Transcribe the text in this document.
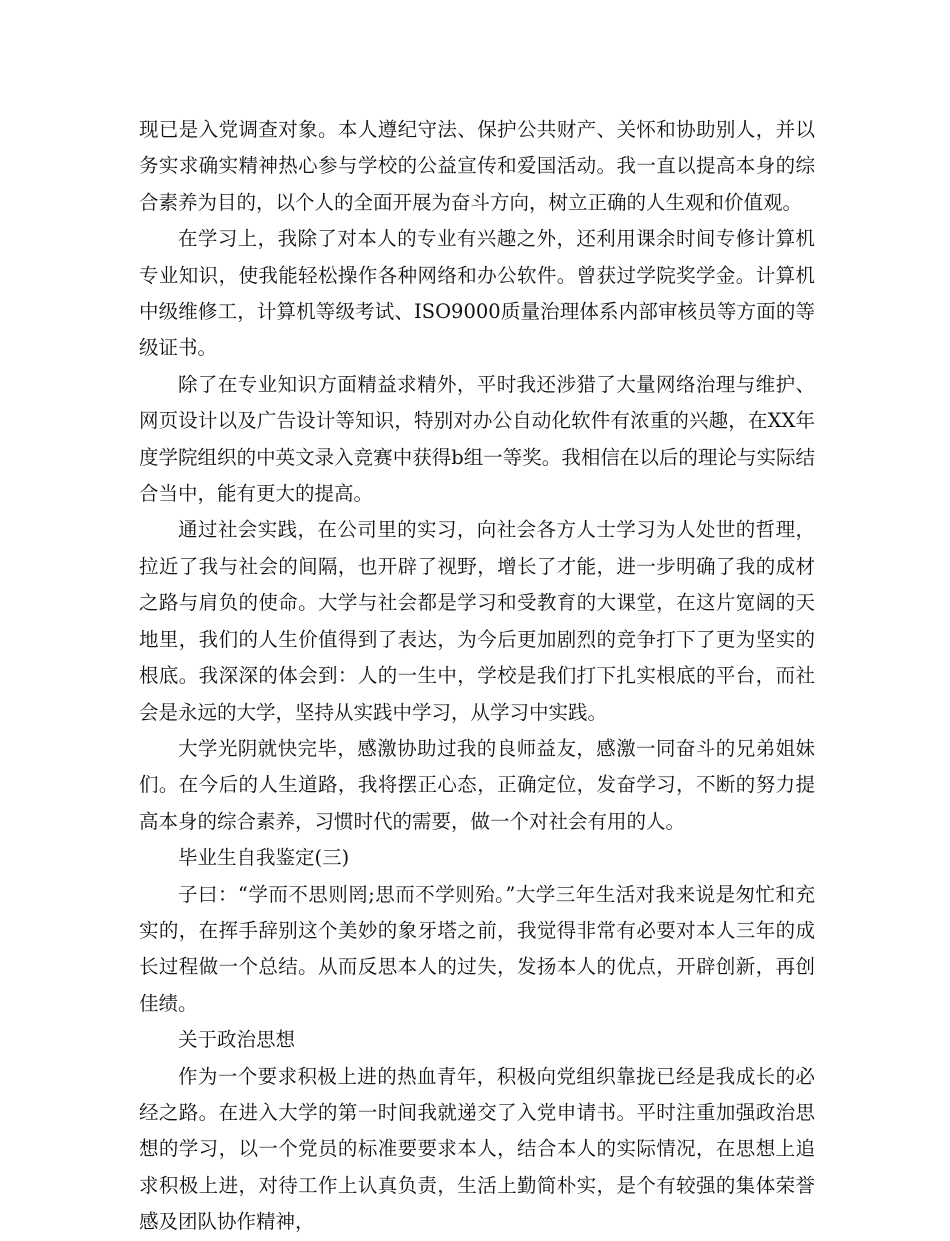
现已是入党调查对象。本人遵纪守法、保护公共财产、关怀和协助别人，并以务实求确实精神热心参与学校的公益宣传和爱国活动。我一直以提高本身的综合素养为目的，以个人的全面开展为奋斗方向，树立正确的人生观和价值观。

在学习上，我除了对本人的专业有兴趣之外，还利用课余时间专修计算机专业知识，使我能轻松操作各种网络和办公软件。曾获过学院奖学金。计算机中级维修工，计算机等级考试、ISO9000质量治理体系内部审核员等方面的等级证书。

除了在专业知识方面精益求精外，平时我还涉猎了大量网络治理与维护、网页设计以及广告设计等知识，特别对办公自动化软件有浓重的兴趣，在XX年度学院组织的中英文录入竞赛中获得b组一等奖。我相信在以后的理论与实际结合当中，能有更大的提高。

通过社会实践，在公司里的实习，向社会各方人士学习为人处世的哲理，拉近了我与社会的间隔，也开辟了视野，增长了才能，进一步明确了我的成材之路与肩负的使命。大学与社会都是学习和受教育的大课堂，在这片宽阔的天地里，我们的人生价值得到了表达，为今后更加剧烈的竞争打下了更为坚实的根底。我深深的体会到：人的一生中，学校是我们打下扎实根底的平台，而社会是永远的大学，坚持从实践中学习，从学习中实践。

大学光阴就快完毕，感激协助过我的良师益友，感激一同奋斗的兄弟姐妹们。在今后的人生道路，我将摆正心态，正确定位，发奋学习，不断的努力提高本身的综合素养，习惯时代的需要，做一个对社会有用的人。

毕业生自我鉴定(三)

子曰：“学而不思则罔;思而不学则殆。”大学三年生活对我来说是匆忙和充实的，在挥手辞别这个美妙的象牙塔之前，我觉得非常有必要对本人三年的成长过程做一个总结。从而反思本人的过失，发扬本人的优点，开辟创新，再创佳绩。

关于政治思想

作为一个要求积极上进的热血青年，积极向党组织靠拢已经是我成长的必经之路。在进入大学的第一时间我就递交了入党申请书。平时注重加强政治思想的学习，以一个党员的标准要要求本人，结合本人的实际情况，在思想上追求积极上进，对待工作上认真负责，生活上勤简朴实，是个有较强的集体荣誉感及团队协作精神，
